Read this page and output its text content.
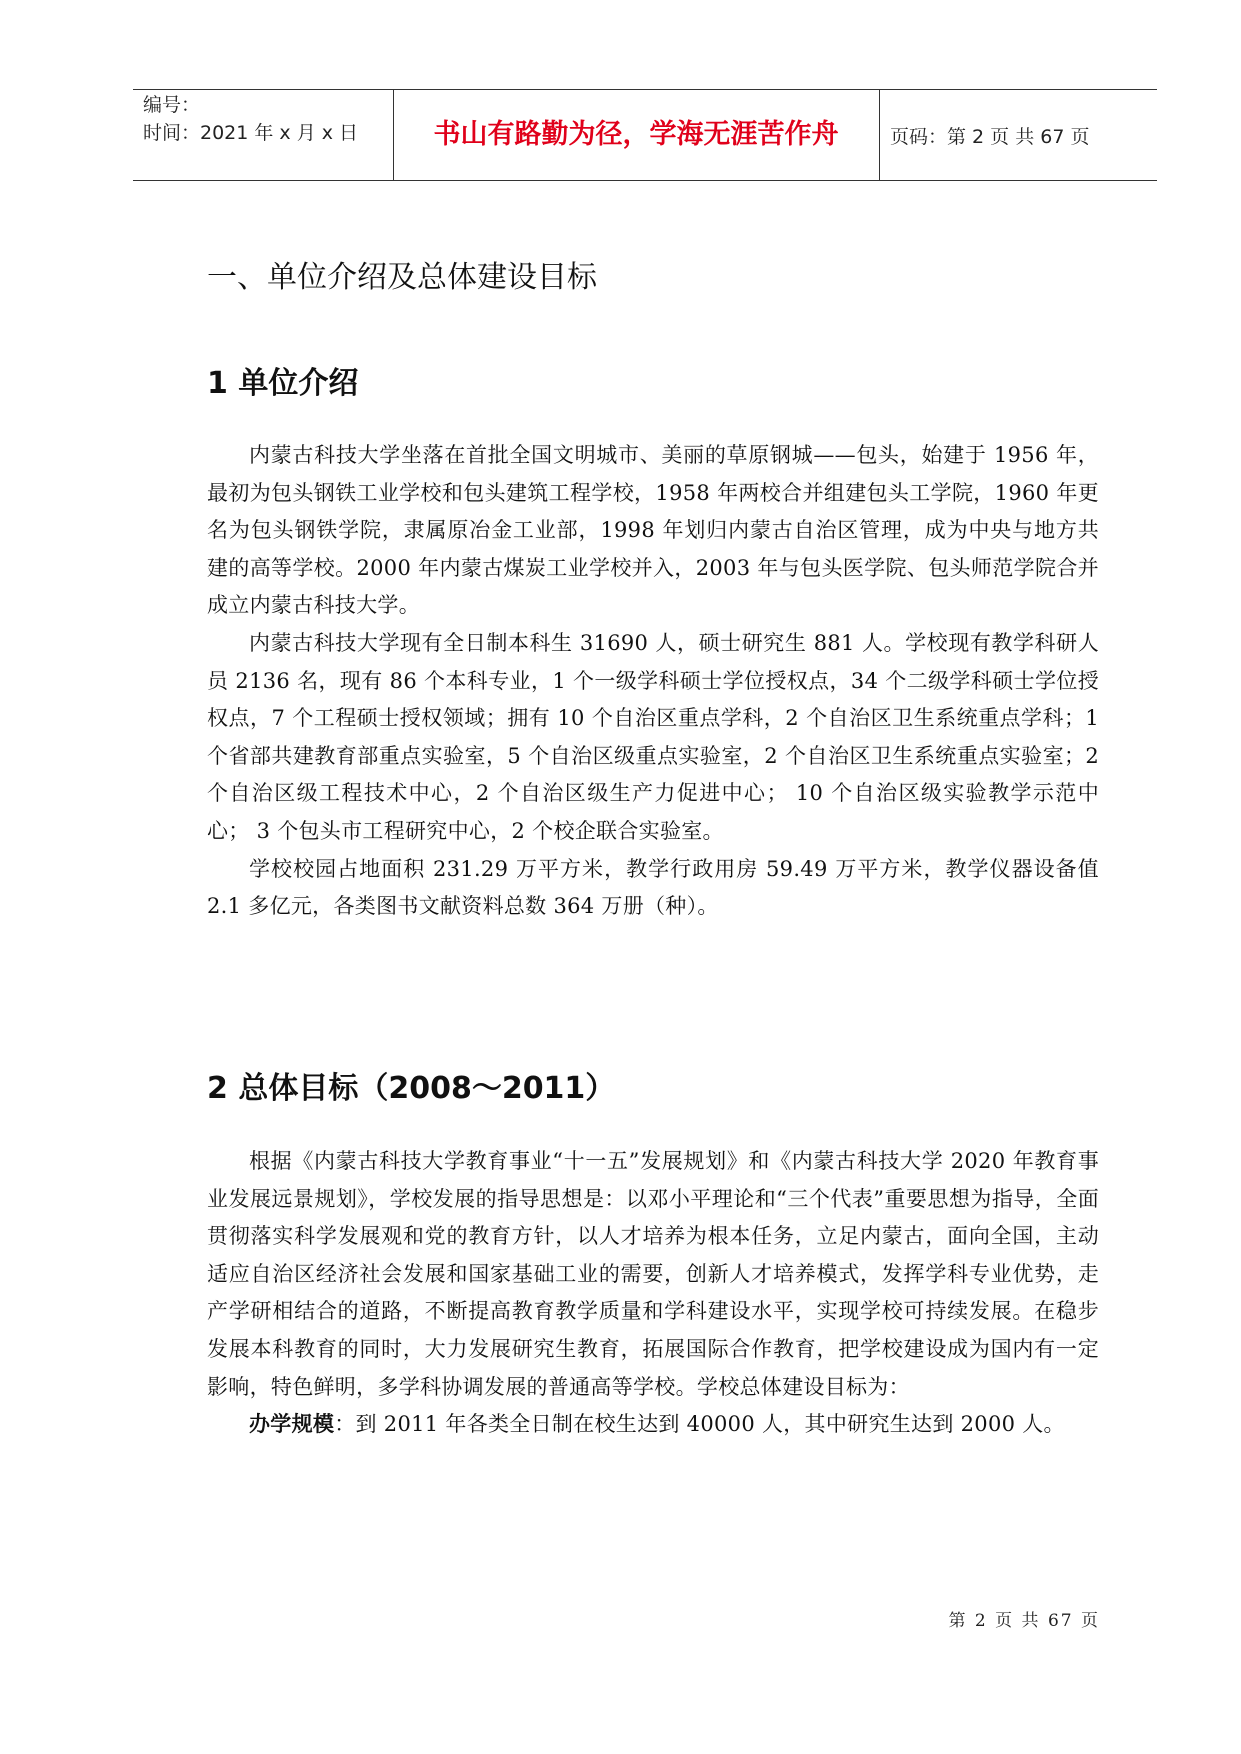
编号：
时间：2021 年 x 月 x 日	书山有路勤为径，学海无涯苦作舟	页码：第 2 页 共 67 页
一、单位介绍及总体建设目标
1 单位介绍

内蒙古科技大学坐落在首批全国文明城市、美丽的草原钢城——包头，始建于 1956 年，最初为包头钢铁工业学校和包头建筑工程学校，1958 年两校合并组建包头工学院，1960 年更名为包头钢铁学院，隶属原冶金工业部，1998 年划归内蒙古自治区管理，成为中央与地方共建的高等学校。2000 年内蒙古煤炭工业学校并入，2003 年与包头医学院、包头师范学院合并成立内蒙古科技大学。

内蒙古科技大学现有全日制本科生 31690 人，硕士研究生 881 人。学校现有教学科研人员 2136 名，现有 86 个本科专业，1 个一级学科硕士学位授权点，34 个二级学科硕士学位授权点，7 个工程硕士授权领域；拥有 10 个自治区重点学科，2 个自治区卫生系统重点学科；1 个省部共建教育部重点实验室，5 个自治区级重点实验室，2 个自治区卫生系统重点实验室；2 个自治区级工程技术中心，2 个自治区级生产力促进中心； 10 个自治区级实验教学示范中心； 3 个包头市工程研究中心，2 个校企联合实验室。

学校校园占地面积 231.29 万平方米，教学行政用房 59.49 万平方米，教学仪器设备值 2.1 多亿元，各类图书文献资料总数 364 万册（种）。

2 总体目标（2008～2011）

根据《内蒙古科技大学教育事业“十一五”发展规划》和《内蒙古科技大学 2020 年教育事业发展远景规划》，学校发展的指导思想是：以邓小平理论和“三个代表”重要思想为指导，全面贯彻落实科学发展观和党的教育方针，以人才培养为根本任务，立足内蒙古，面向全国，主动适应自治区经济社会发展和国家基础工业的需要，创新人才培养模式，发挥学科专业优势，走产学研相结合的道路，不断提高教育教学质量和学科建设水平，实现学校可持续发展。在稳步发展本科教育的同时，大力发展研究生教育，拓展国际合作教育，把学校建设成为国内有一定影响，特色鲜明，多学科协调发展的普通高等学校。学校总体建设目标为：

办学规模：到 2011 年各类全日制在校生达到 40000 人，其中研究生达到 2000 人。

第 2 页 共 67 页
